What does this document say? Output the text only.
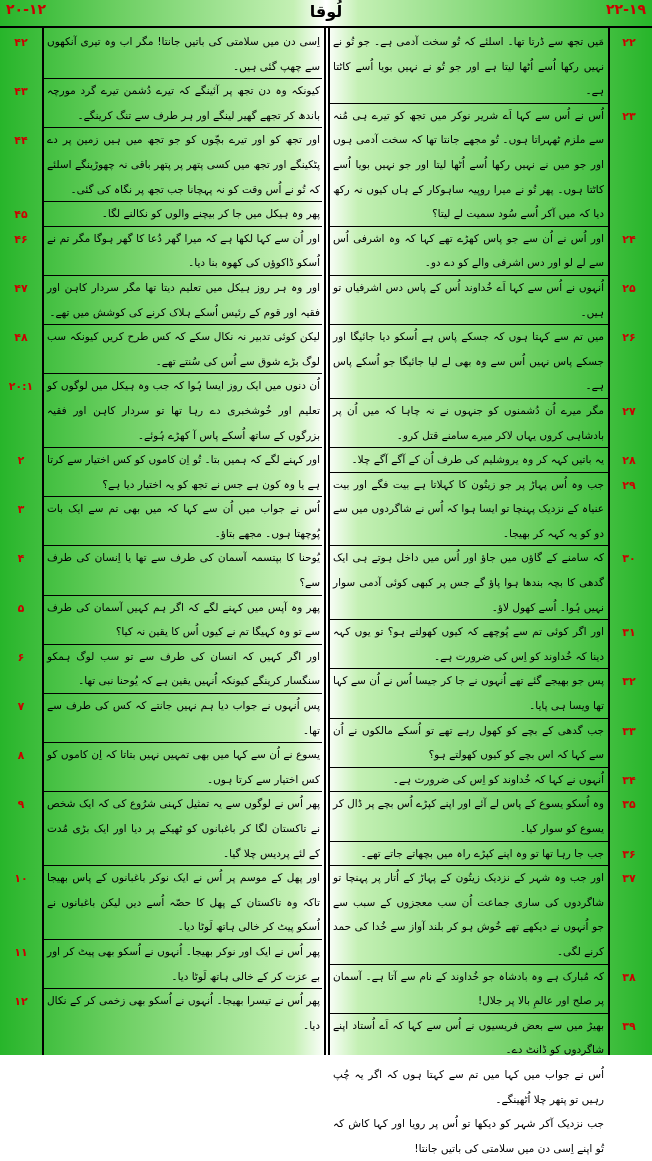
۲۰-۱۲	لُوقا	۲۲-۱۹
۴۲
۴۳
۴۴
۴۵
۴۶
۴۷
۴۸
۲۰:۱
۲
۳
۴
۵
۶
۷
۸
۹
۱۰
۱۱
۱۲

اِسی دن میں سلامتی کی باتیں جانتا! مگر اب وہ تیری آنکھوں سے چھپ گئی ہیں۔

کیونکہ وہ دن تجھ پر آئینگے کہ تیرے دُشمن تیرے گرد مورچہ باندھ کر تجھے گھیر لینگے اور ہر طرف سے تنگ کرینگے۔

اور تجھ کو اور تیرے بچّوں کو جو تجھ میں ہیں زمین پر دے پٹکینگے اور تجھ میں کسی پتھر پر پتھر باقی نہ چھوڑینگے اسلئے کہ تُو نے اُس وقت کو نہ پہچانا جب تجھ پر نگاہ کی گئی۔

پھر وہ ہیکل میں جا کر بیچنے والوں کو نکالنے لگا۔

اور اُن سے کہا لکھا ہے کہ میرا گھر دُعا کا گھر ہوگا مگر تم نے اُسکو ڈاکوؤں کی کھوہ بنا دیا۔

اور وہ ہر روز ہیکل میں تعلیم دیتا تھا مگر سردار کاہن اور فقیہ اور قوم کے رئیس اُسکے ہلاک کرنے کی کوشش میں تھے۔

لیکن کوئی تدبیر نہ نکال سکے کہ کس طرح کریں کیونکہ سب لوگ بڑے شوق سے اُس کی سُنتے تھے۔

اُن دنوں میں ایک روز ایسا ہُوا کہ جب وہ ہیکل میں لوگوں کو تعلیم اور خُوشخبری دے رہا تھا تو سردار کاہن اور فقیہ بزرگوں کے ساتھ اُسکے پاس آ کھڑے ہُوئے۔

اور کہنے لگے کہ ہمیں بتا۔ تُو اِن کاموں کو کس اختیار سے کرتا ہے یا وہ کون ہے جس نے تجھ کو یہ اختیار دیا ہے؟

اُس نے جواب میں اُن سے کہا کہ میں بھی تم سے ایک بات پُوچھتا ہوں۔ مجھے بتاؤ۔

یُوحنا کا بپتسمہ آسمان کی طرف سے تھا یا اِنسان کی طرف سے؟

پھر وہ آپس میں کہنے لگے کہ اگر ہم کہیں آسمان کی طرف سے تو وہ کہیگا تم نے کیوں اُس کا یقین نہ کیا؟

اور اگر کہیں کہ انسان کی طرف سے تو سب لوگ ہمکو سنگسار کرینگے کیونکہ اُنہیں یقین ہے کہ یُوحنا نبی تھا۔

پس اُنہوں نے جواب دیا ہم نہیں جانتے کہ کس کی طرف سے تھا۔

یسوع نے اُن سے کہا میں بھی تمہیں نہیں بتاتا کہ اِن کاموں کو کس اختیار سے کرتا ہوں۔

پھر اُس نے لوگوں سے یہ تمثیل کہنی شرُوع کی کہ ایک شخص نے تاکستان لگا کر باغبانوں کو ٹھیکے پر دیا اور ایک بڑی مُدت کے لئے پردیس چلا گیا۔

اور پھل کے موسم پر اُس نے ایک نوکر باغبانوں کے پاس بھیجا تاکہ وہ تاکستان کے پھل کا حصّہ اُسے دیں لیکن باغبانوں نے اُسکو پیٹ کر خالی ہاتھ لَوٹا دیا۔

پھر اُس نے ایک اور نوکر بھیجا۔ اُنہوں نے اُسکو بھی پیٹ کر اور بے عزت کر کے خالی ہاتھ لَوٹا دیا۔

پھر اُس نے تیسرا بھیجا۔ اُنہوں نے اُسکو بھی زخمی کر کے نکال دیا۔

۲۲
۲۳
۲۴
۲۵
۲۶
۲۷
۲۸
۲۹
۳۰
۳۱
۳۲
۳۳
۳۴
۳۵
۳۶
۳۷
۳۸
۳۹

مَیں تجھ سے ڈرتا تھا۔ اسلئے کہ تُو سخت آدمی ہے۔ جو تُو نے نہیں رکھا اُسے اُٹھا لیتا ہے اور جو تُو نے نہیں بویا اُسے کاٹتا ہے۔

اُس نے اُس سے کہا اَے شریر نوکر میں تجھ کو تیرے ہی مُنہ سے ملزم ٹھہراتا ہوں۔ تُو مجھے جانتا تھا کہ سخت آدمی ہوں اور جو میں نے نہیں رکھا اُسے اُٹھا لیتا اور جو نہیں بویا اُسے کاٹتا ہوں۔ پھر تُو نے میرا روپیہ ساہوکار کے ہاں کیوں نہ رکھ دیا کہ میں آکر اُسے سُود سمیت لے لیتا؟

اور اُس نے اُن سے جو پاس کھڑے تھے کہا کہ وہ اشرفی اُس سے لے لو اور دس اشرفی والے کو دے دو۔

اُنہوں نے اُس سے کہا اَے خُداوند اُس کے پاس دس اشرفیاں تو ہیں۔

میں تم سے کہتا ہوں کہ جسکے پاس ہے اُسکو دیا جائیگا اور جسکے پاس نہیں اُس سے وہ بھی لے لیا جائیگا جو اُسکے پاس ہے۔

مگر میرے اُن دُشمنوں کو جنہوں نے نہ چاہا کہ میں اُن پر بادشاہی کروں یہاں لاکر میرے سامنے قتل کرو۔

یہ باتیں کہہ کر وہ یروشلیم کی طرف اُن کے آگے آگے چلا۔

جب وہ اُس پہاڑ پر جو زیتُون کا کہلاتا ہے بیت فگے اور بیت عنیاہ کے نزدیک پہنچا تو ایسا ہوا کہ اُس نے شاگردوں میں سے دو کو یہ کہہ کر بھیجا۔

کہ سامنے کے گاؤں میں جاؤ اور اُس میں داخل ہوتے ہی ایک گدھی کا بچہ بندھا ہوا پاؤ گے جس پر کبھی کوئی آدمی سوار نہیں ہُوا۔ اُسے کھول لاؤ۔

اور اگر کوئی تم سے پُوچھے کہ کیوں کھولتے ہو؟ تو یوں کہہ دینا کہ خُداوند کو اِس کی ضرورت ہے۔

پس جو بھیجے گئے تھے اُنہوں نے جا کر جیسا اُس نے اُن سے کہا تھا ویسا ہی پایا۔

جب گدھی کے بچے کو کھول رہے تھے تو اُسکے مالکوں نے اُن سے کہا کہ اس بچے کو کیوں کھولتے ہو؟

اُنہوں نے کہا کہ خُداوند کو اِس کی ضرورت ہے۔

وہ اُسکو یسوع کے پاس لے آئے اور اپنے کپڑے اُس بچے پر ڈال کر یسوع کو سوار کیا۔

جب جا رہا تھا تو وہ اپنے کپڑے راہ میں بچھاتے جاتے تھے۔

اور جب وہ شہر کے نزدیک زیتُون کے پہاڑ کے اُتار پر پہنچا تو شاگردوں کی ساری جماعت اُن سب معجزوں کے سبب سے جو اُنہوں نے دیکھے تھے خُوش ہو کر بلند آواز سے خُدا کی حمد کرنے لگی۔

کہ مُبارک ہے وہ بادشاہ جو خُداوند کے نام سے آتا ہے۔ آسمان پر صلح اور عالمِ بالا پر جلال!

بھیڑ میں سے بعض فریسیوں نے اُس سے کہا کہ اَے اُستاد اپنے شاگردوں کو ڈانٹ دے۔

اُس نے جواب میں کہا میں تم سے کہتا ہوں کہ اگر یہ چُپ رہیں تو پتھر چلا اُٹھینگے۔

جب نزدیک آکر شہر کو دیکھا تو اُس پر رویا اور کہا کاش کہ تُو اپنے اِسی دن میں سلامتی کی باتیں جانتا!
